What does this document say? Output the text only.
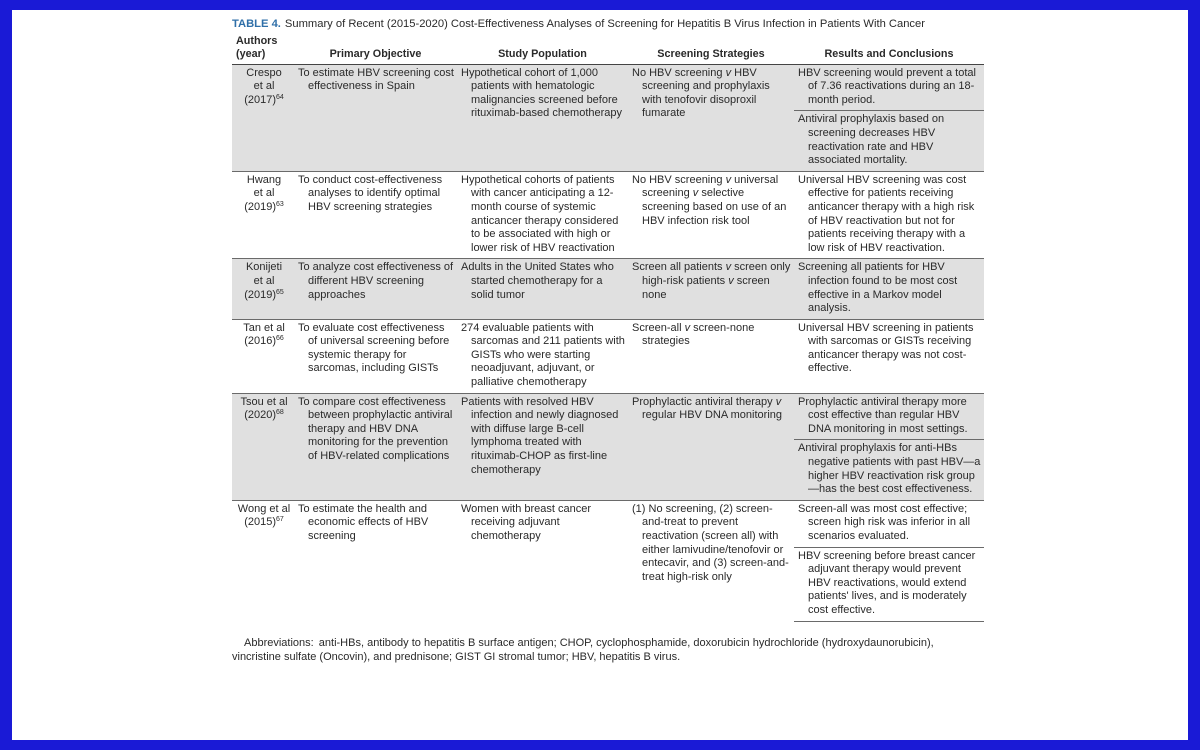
TABLE 4. Summary of Recent (2015-2020) Cost-Effectiveness Analyses of Screening for Hepatitis B Virus Infection in Patients With Cancer

Authors
(year)	Primary Objective	Study Population	Screening Strategies	Results and Conclusions
Crespo
et al
$(2017)^{64}$	To estimate HBV screening cost effectiveness in Spain	Hypothetical cohort of 1,000 patients with hematologic malignancies screened before rituximab-based chemotherapy	No HBV screening v HBV screening and prophylaxis with tenofovir disoproxil fumarate	HBV screening would prevent a total of 7.36 reactivations during an 18-month period.
				Antiviral prophylaxis based on screening decreases HBV reactivation rate and HBV associated mortality.
Hwang
et al
$(2019)^{63}$	To conduct cost-effectiveness analyses to identify optimal HBV screening strategies	Hypothetical cohorts of patients with cancer anticipating a 12-month course of systemic anticancer therapy considered to be associated with high or lower risk of HBV reactivation	No HBV screening v universal screening v selective screening based on use of an HBV infection risk tool	Universal HBV screening was cost effective for patients receiving anticancer therapy with a high risk of HBV reactivation but not for patients receiving therapy with a low risk of HBV reactivation.
Konijeti
et al
$(2019)^{65}$	To analyze cost effectiveness of different HBV screening approaches	Adults in the United States who started chemotherapy for a solid tumor	Screen all patients v screen only high-risk patients v screen none	Screening all patients for HBV infection found to be most cost effective in a Markov model analysis.
Tan et al
$(2016)^{66}$	To evaluate cost effectiveness of universal screening before systemic therapy for sarcomas, including GISTs	274 evaluable patients with sarcomas and 211 patients with GISTs who were starting neoadjuvant, adjuvant, or palliative chemotherapy	Screen-all v screen-none strategies	Universal HBV screening in patients with sarcomas or GISTs receiving anticancer therapy was not cost-effective.
Tsou et al
$(2020)^{68}$	To compare cost effectiveness between prophylactic antiviral therapy and HBV DNA monitoring for the prevention of HBV-related complications	Patients with resolved HBV infection and newly diagnosed with diffuse large B-cell lymphoma treated with rituximab-CHOP as first-line chemotherapy	Prophylactic antiviral therapy v regular HBV DNA monitoring	Prophylactic antiviral therapy more cost effective than regular HBV DNA monitoring in most settings.
				Antiviral prophylaxis for anti-HBs negative patients with past HBV—a higher HBV reactivation risk group—has the best cost effectiveness.
Wong et al
$(2015)^{67}$	To estimate the health and economic effects of HBV screening	Women with breast cancer receiving adjuvant chemotherapy	(1) No screening, (2) screen-and-treat to prevent reactivation (screen all) with either lamivudine/tenofovir or entecavir, and (3) screen-and-treat high-risk only	Screen-all was most cost effective; screen high risk was inferior in all scenarios evaluated.
				HBV screening before breast cancer adjuvant therapy would prevent HBV reactivations, would extend patients' lives, and is moderately cost effective.

Abbreviations: anti-HBs, antibody to hepatitis B surface antigen; CHOP, cyclophosphamide, doxorubicin hydrochloride (hydroxydaunorubicin), vincristine sulfate (Oncovin), and prednisone; GIST GI stromal tumor; HBV, hepatitis B virus.
